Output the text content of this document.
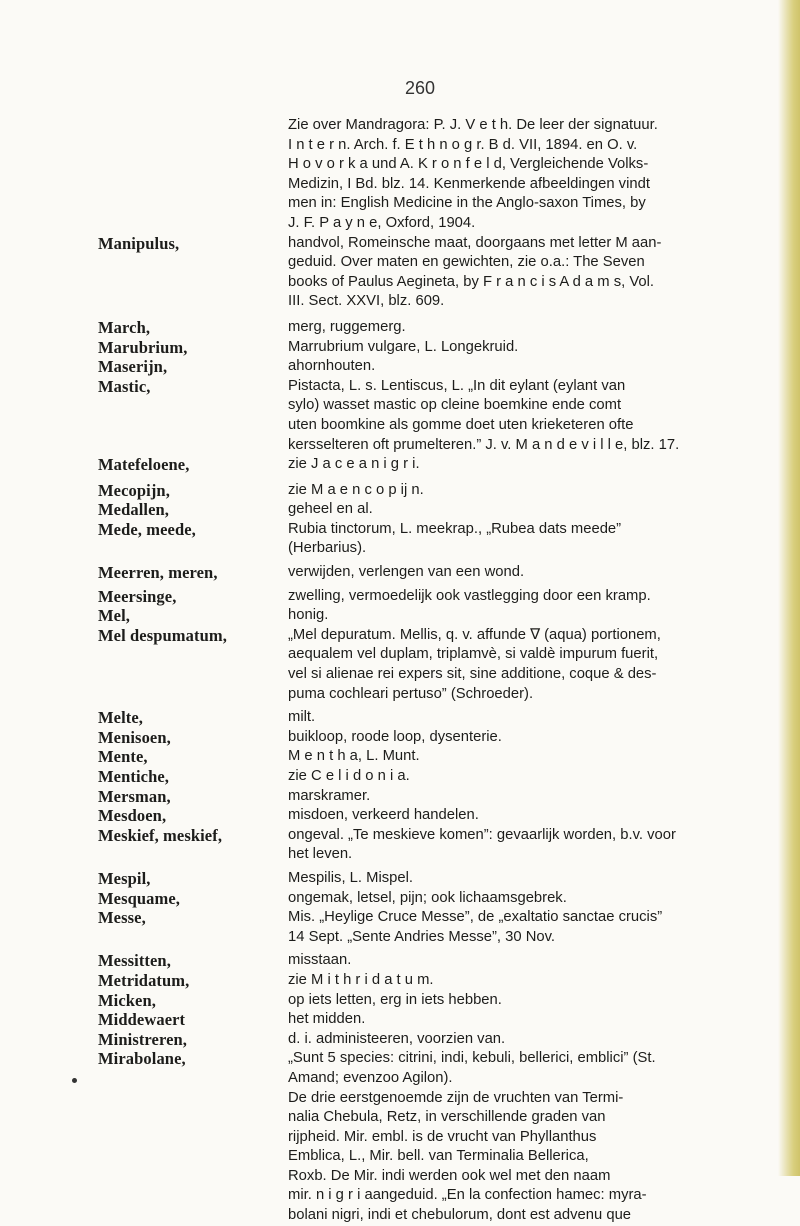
260
Zie over Mandragora: P. J. V e t h. De leer der signatuur.
I n t e r n. Arch. f. E t h n o g r. B d. VII, 1894. en O. v.
H o v o r k a und A. K r o n f e l d, Vergleichende Volks-
Medizin, I Bd. blz. 14. Kenmerkende afbeeldingen vindt
men in: English Medicine in the Anglo-saxon Times, by
J. F. P a y n e, Oxford, 1904.
Manipulus,	handvol, Romeinsche maat, doorgaans met letter M aan-
geduid. Over maten en gewichten, zie o.a.: The Seven
books of Paulus Aegineta, by F r a n c i s A d a m s, Vol.
III. Sect. XXVI, blz. 609.
March,	merg, ruggemerg.
Marubrium,	Marrubrium vulgare, L. Longekruid.
Maserijn,	ahornhouten.
Mastic,	Pistacta, L. s. Lentiscus, L. „In dit eylant (eylant van
sylo) wasset mastic op cleine boemkine ende comt
uten boomkine als gomme doet uten krieketeren ofte
kersselteren oft prumelteren.” J. v. M a n d e v i l l e, blz. 17.
Matefeloene,	zie J a c e a n i g r i.
Mecopijn,	zie M a e n c o p ij n.
Medallen,	geheel en al.
Mede, meede,	Rubia tinctorum, L. meekrap., „Rubea dats meede”
(Herbarius).
Meerren, meren,	verwijden, verlengen van een wond.
Meersinge,	zwelling, vermoedelijk ook vastlegging door een kramp.
Mel,	honig.
Mel despumatum,	„Mel depuratum. Mellis, q. v. affunde ∇ (aqua) portionem,
aequalem vel duplam, triplamvè, si valdè impurum fuerit,
vel si alienae rei expers sit, sine additione, coque & des-
puma cochleari pertuso” (Schroeder).
Melte,	milt.
Menisoen,	buikloop, roode loop, dysenterie.
Mente,	M e n t h a, L. Munt.
Mentiche,	zie C e l i d o n i a.
Mersman,	marskramer.
Mesdoen,	misdoen, verkeerd handelen.
Meskief, meskief,	ongeval. „Te meskieve komen”: gevaarlijk worden, b.v. voor
het leven.
Mespil,	Mespilis, L. Mispel.
Mesquame,	ongemak, letsel, pijn; ook lichaamsgebrek.
Messe,	Mis. „Heylige Cruce Messe”, de „exaltatio sanctae crucis”
14 Sept. „Sente Andries Messe”, 30 Nov.
Messitten,	misstaan.
Metridatum,	zie M i t h r i d a t u m.
Micken,	op iets letten, erg in iets hebben.
Middewaert	het midden.
Ministreren,	d. i. administeeren, voorzien van.
Mirabolane,	„Sunt 5 species: citrini, indi, kebuli, bellerici, emblici” (St.
Amand; evenzoo Agilon).
De drie eerstgenoemde zijn de vruchten van Termi-
nalia Chebula, Retz, in verschillende graden van
rijpheid. Mir. embl. is de vrucht van Phyllanthus
Emblica, L., Mir. bell. van Terminalia Bellerica,
Roxb. De Mir. indi werden ook wel met den naam
mir. n i g r i aangeduid. „En la confection hamec: myra-
bolani nigri, indi et chebulorum, dont est advenu que
